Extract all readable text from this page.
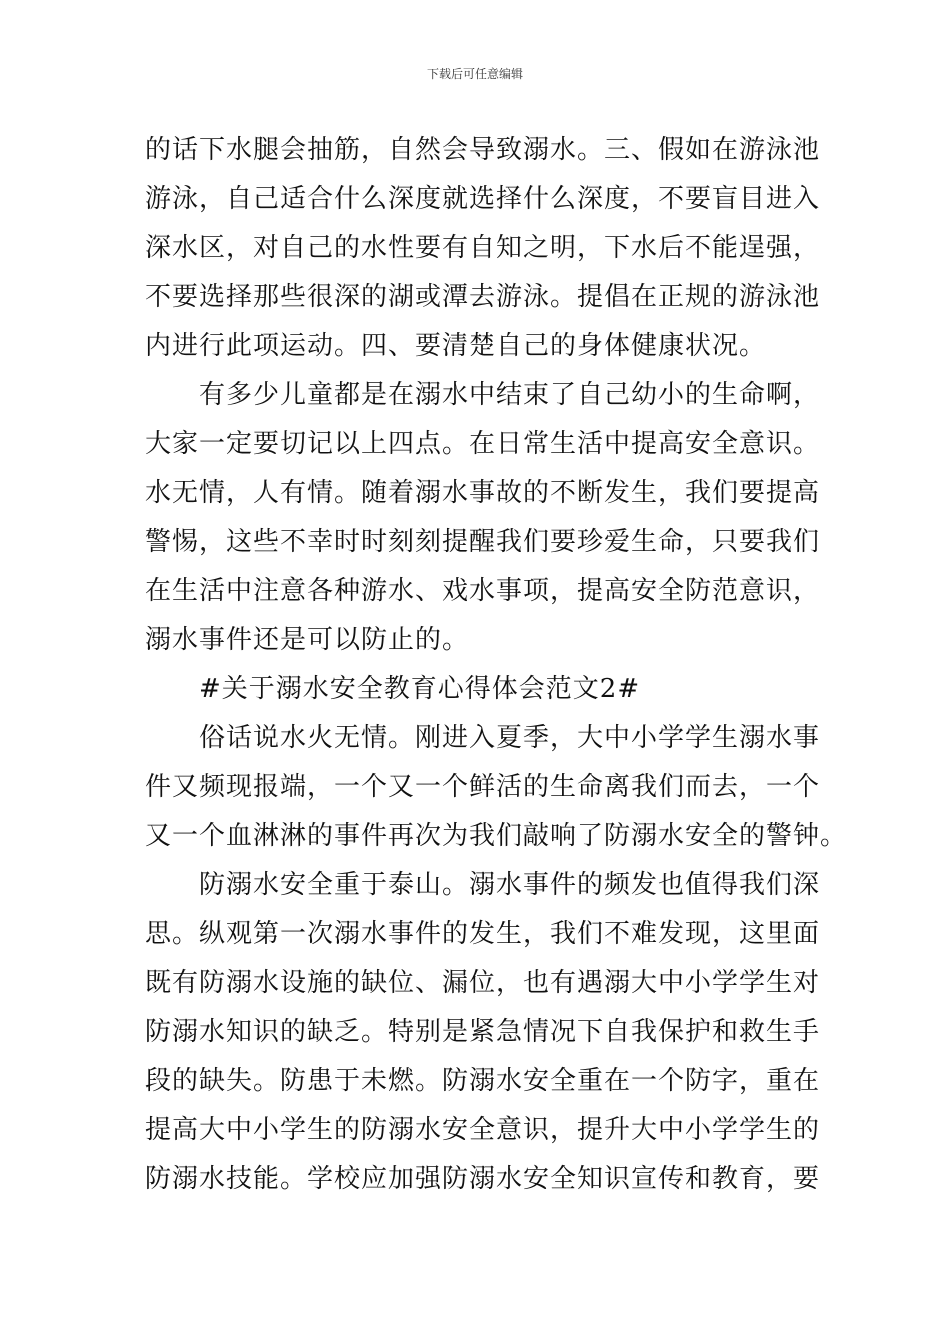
下载后可任意编辑
的话下水腿会抽筋，自然会导致溺水。三、假如在游泳池
游泳，自己适合什么深度就选择什么深度，不要盲目进入
深水区，对自己的水性要有自知之明，下水后不能逞强，
不要选择那些很深的湖或潭去游泳。提倡在正规的游泳池
内进行此项运动。四、要清楚自己的身体健康状况。
　　有多少儿童都是在溺水中结束了自己幼小的生命啊，
大家一定要切记以上四点。在日常生活中提高安全意识。
水无情，人有情。随着溺水事故的不断发生，我们要提高
警惕，这些不幸时时刻刻提醒我们要珍爱生命，只要我们
在生活中注意各种游水、戏水事项，提高安全防范意识，
溺水事件还是可以防止的。
　　#关于溺水安全教育心得体会范文2#
　　俗话说水火无情。刚进入夏季，大中小学学生溺水事
件又频现报端，一个又一个鲜活的生命离我们而去，一个
又一个血淋淋的事件再次为我们敲响了防溺水安全的警钟。
　　防溺水安全重于泰山。溺水事件的频发也值得我们深
思。纵观第一次溺水事件的发生，我们不难发现，这里面
既有防溺水设施的缺位、漏位，也有遇溺大中小学学生对
防溺水知识的缺乏。特别是紧急情况下自我保护和救生手
段的缺失。防患于未燃。防溺水安全重在一个防字，重在
提高大中小学生的防溺水安全意识，提升大中小学学生的
防溺水技能。学校应加强防溺水安全知识宣传和教育，要
